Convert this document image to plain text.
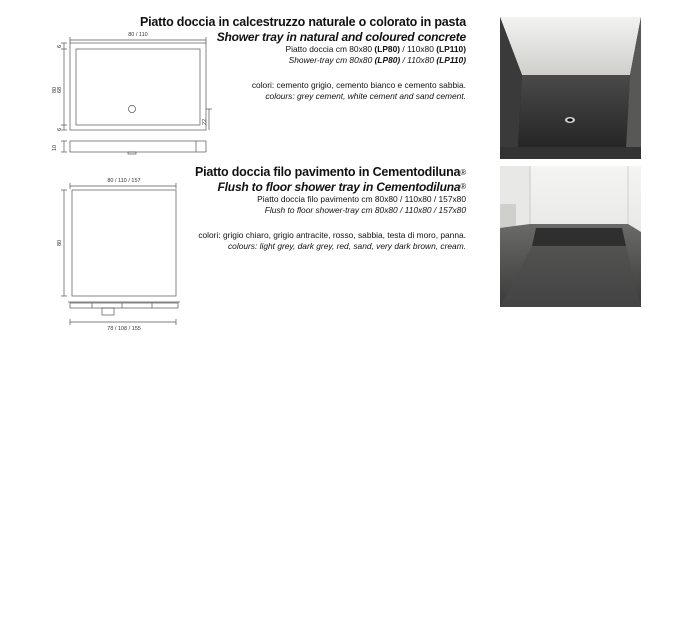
80 / 110
6
68
80
6
22
10
Piatto doccia in calcestruzzo naturale o colorato in pasta
Shower tray in natural and coloured concrete
Piatto doccia cm 80x80 (LP80) / 110x80 (LP110)
Shower-tray cm 80x80 (LP80) / 110x80 (LP110)
colori: cemento grigio, cemento bianco e cemento sabbia.
colours: grey cement, white cement and sand cement.
80 / 110 / 157
80
78 / 108 / 155
Piatto doccia filo pavimento in Cementodiluna®
Flush to floor shower tray in Cementodiluna®
Piatto doccia filo pavimento cm 80x80 / 110x80 / 157x80
Flush to floor shower-tray cm 80x80 / 110x80 / 157x80
colori: grigio chiaro, grigio antracite, rosso, sabbia, testa di moro, panna.
colours: light grey, dark grey, red, sand, very dark brown, cream.
